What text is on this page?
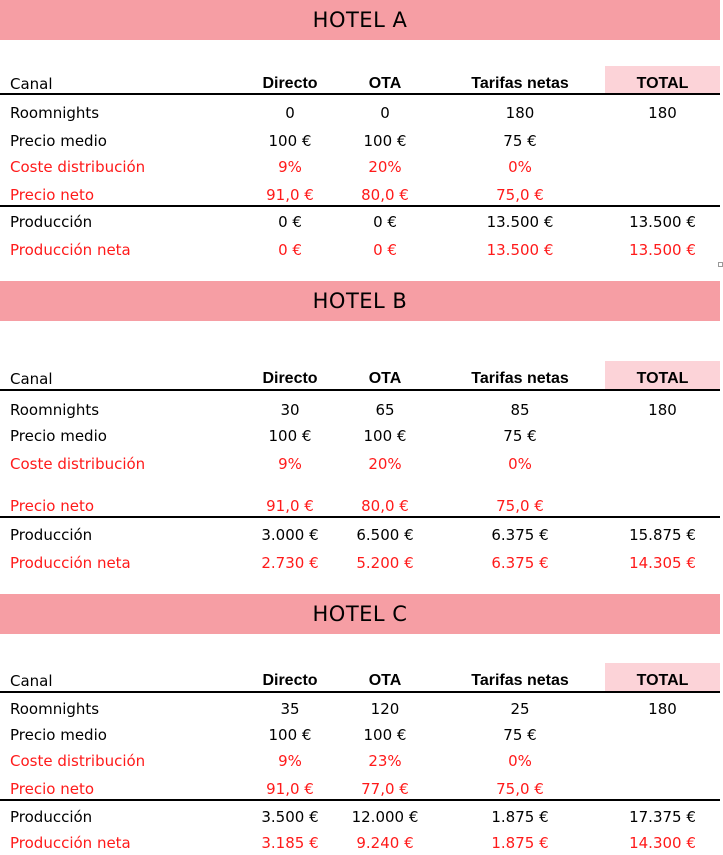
HOTEL A
Canal	Directo	OTA	Tarifas netas	TOTAL
Roomnights	0	0	180	180
Precio medio	100 €	100 €	75 €
Coste distribución	9%	20%	0%
Precio neto	91,0 €	80,0 €	75,0 €
Producción	0 €	0 €	13.500 €	13.500 €
Producción neta	0 €	0 €	13.500 €	13.500 €
HOTEL B
Canal	Directo	OTA	Tarifas netas	TOTAL
Roomnights	30	65	85	180
Precio medio	100 €	100 €	75 €
Coste distribución	9%	20%	0%
Precio neto	91,0 €	80,0 €	75,0 €
Producción	3.000 €	6.500 €	6.375 €	15.875 €
Producción neta	2.730 €	5.200 €	6.375 €	14.305 €
HOTEL C
Canal	Directo	OTA	Tarifas netas	TOTAL
Roomnights	35	120	25	180
Precio medio	100 €	100 €	75 €
Coste distribución	9%	23%	0%
Precio neto	91,0 €	77,0 €	75,0 €
Producción	3.500 €	12.000 €	1.875 €	17.375 €
Producción neta	3.185 €	9.240 €	1.875 €	14.300 €
